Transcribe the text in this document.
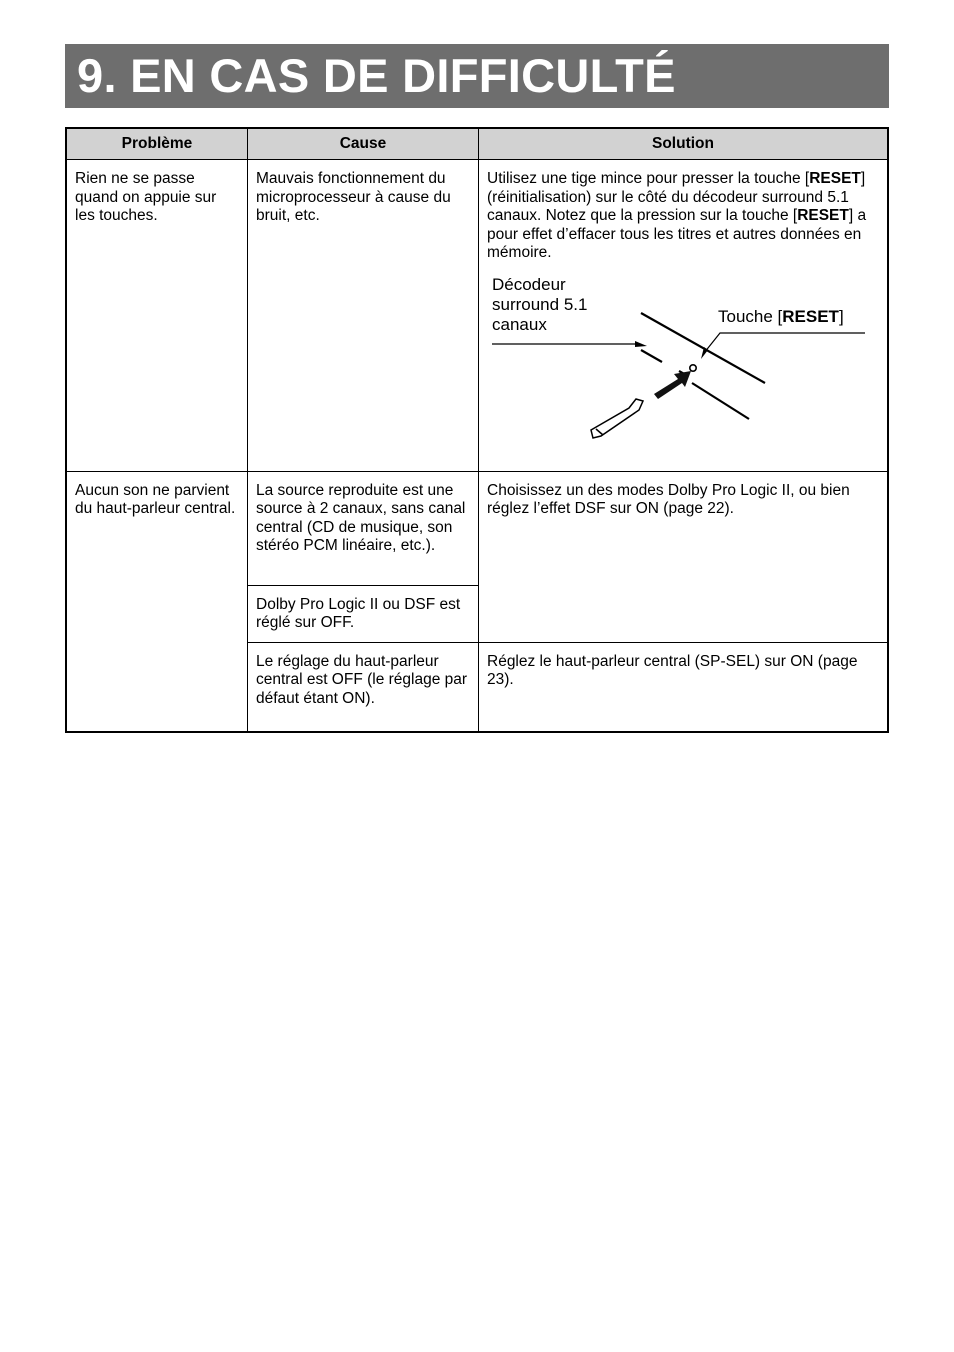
9. EN CAS DE DIFFICULTÉ
Problème	Cause	Solution
Rien ne se passe quand on appuie sur les touches.	Mauvais fonctionnement du microprocesseur à cause du bruit, etc.	Utilisez une tige mince pour presser la touche [RESET] (réinitialisation) sur le côté du décodeur surround 5.1 canaux. Notez que la pression sur la touche [RESET] a pour effet d’effacer tous les titres et autres données en mémoire.
Décodeur
surround 5.1
canaux Touche [RESET]

Aucun son ne parvient du haut-parleur central.	La source reproduite est une source à 2 canaux, sans canal central (CD de musique, son stéréo PCM linéaire, etc.).	Choisissez un des modes Dolby Pro Logic II, ou bien réglez l’effet DSF sur ON (page 22).
	Dolby Pro Logic II ou DSF est réglé sur OFF.	
	Le réglage du haut-parleur central est OFF (le réglage par défaut étant ON).	Réglez le haut-parleur central (SP-SEL) sur ON (page 23).
